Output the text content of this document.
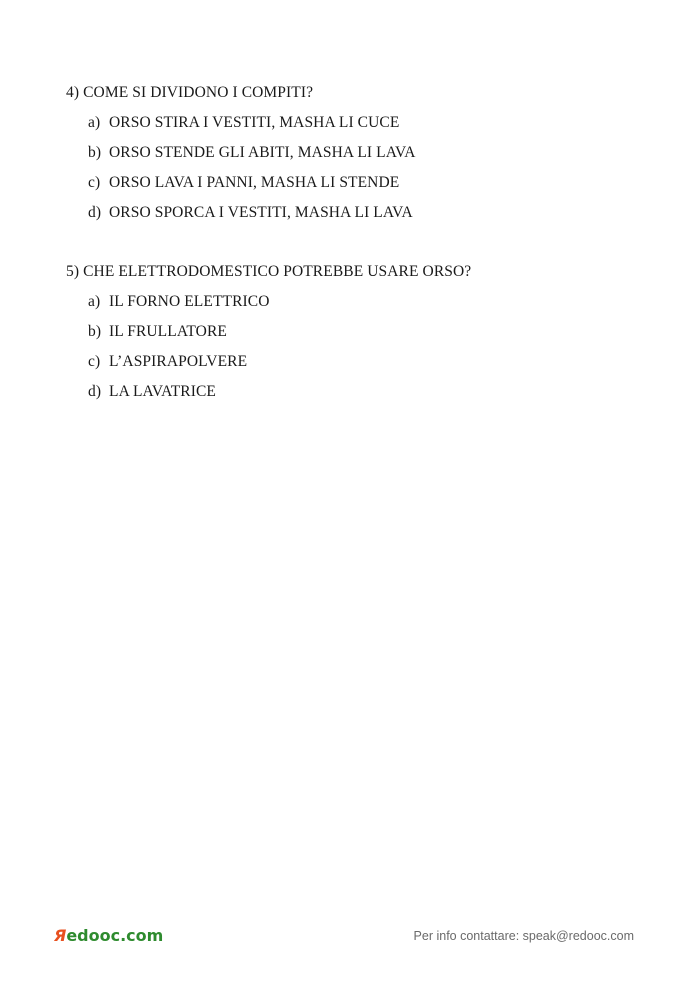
4) COME SI DIVIDONO I COMPITI?
a) ORSO STIRA I VESTITI, MASHA LI CUCE
b) ORSO STENDE GLI ABITI, MASHA LI LAVA
c) ORSO LAVA I PANNI, MASHA LI STENDE
d) ORSO SPORCA I VESTITI, MASHA LI LAVA
5) CHE ELETTRODOMESTICO POTREBBE USARE ORSO?
a) IL FORNO ELETTRICO
b) IL FRULLATORE
c) L’ASPIRAPOLVERE
d) LA LAVATRICE
Яedooc.com	Per info contattare: speak@redooc.com
